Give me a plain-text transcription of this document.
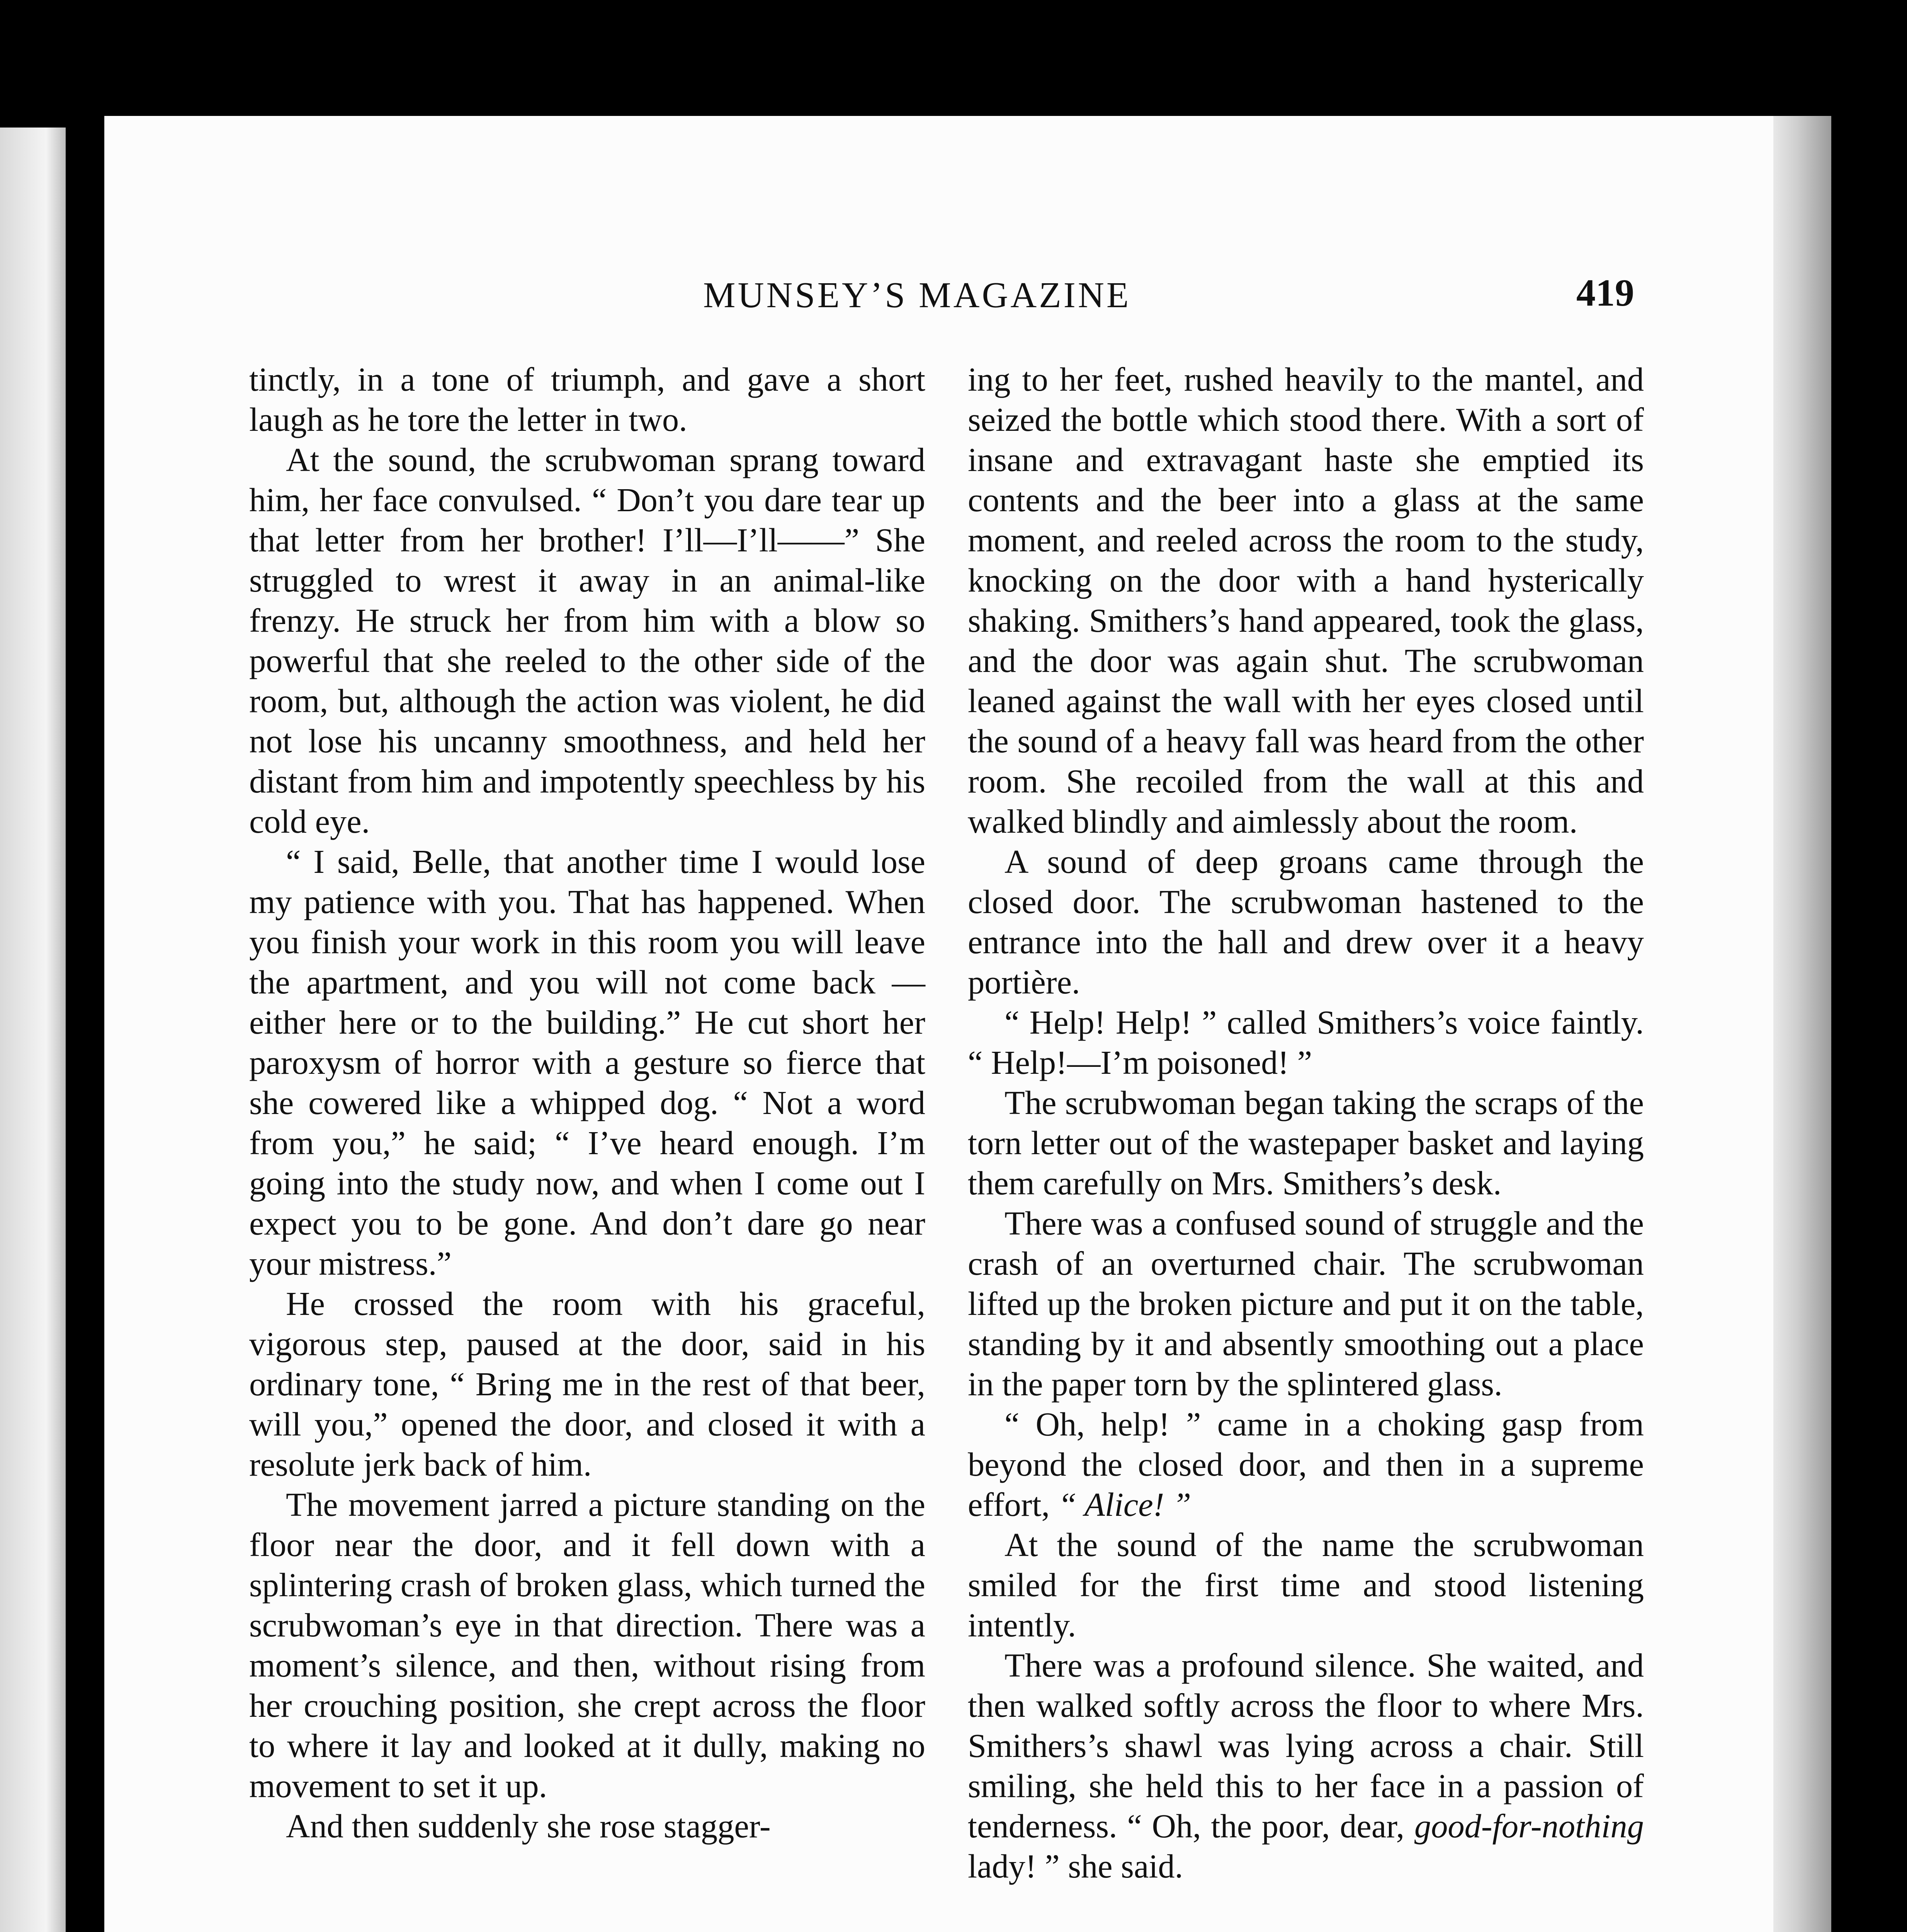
MUNSEY’S MAGAZINE	419

tinctly, in a tone of triumph, and gave a short laugh as he tore the letter in two.

At the sound, the scrubwoman sprang toward him, her face convulsed. “ Don’t you dare tear up that letter from her brother! I’ll—I’ll——” She struggled to wrest it away in an animal-like frenzy. He struck her from him with a blow so powerful that she reeled to the other side of the room, but, although the action was violent, he did not lose his uncanny smoothness, and held her distant from him and impotently speechless by his cold eye.

“ I said, Belle, that another time I would lose my patience with you. That has happened. When you finish your work in this room you will leave the apartment, and you will not come back —either here or to the building.” He cut short her paroxysm of horror with a gesture so fierce that she cowered like a whipped dog. “ Not a word from you,” he said; “ I’ve heard enough. I’m going into the study now, and when I come out I expect you to be gone. And don’t dare go near your mistress.”

He crossed the room with his graceful, vigorous step, paused at the door, said in his ordinary tone, “ Bring me in the rest of that beer, will you,” opened the door, and closed it with a resolute jerk back of him.

The movement jarred a picture standing on the floor near the door, and it fell down with a splintering crash of broken glass, which turned the scrubwoman’s eye in that direction. There was a moment’s silence, and then, without rising from her crouching position, she crept across the floor to where it lay and looked at it dully, making no movement to set it up.

And then suddenly she rose stagger-

ing to her feet, rushed heavily to the mantel, and seized the bottle which stood there. With a sort of insane and extravagant haste she emptied its contents and the beer into a glass at the same moment, and reeled across the room to the study, knocking on the door with a hand hysterically shaking. Smithers’s hand appeared, took the glass, and the door was again shut. The scrubwoman leaned against the wall with her eyes closed until the sound of a heavy fall was heard from the other room. She recoiled from the wall at this and walked blindly and aimlessly about the room.

A sound of deep groans came through the closed door. The scrubwoman hastened to the entrance into the hall and drew over it a heavy portière.

“ Help! Help! ” called Smithers’s voice faintly. “ Help!—I’m poisoned! ”

The scrubwoman began taking the scraps of the torn letter out of the wastepaper basket and laying them carefully on Mrs. Smithers’s desk.

There was a confused sound of struggle and the crash of an overturned chair. The scrubwoman lifted up the broken picture and put it on the table, standing by it and absently smoothing out a place in the paper torn by the splintered glass.

“ Oh, help! ” came in a choking gasp from beyond the closed door, and then in a supreme effort, “ Alice! ”

At the sound of the name the scrubwoman smiled for the first time and stood listening intently.

There was a profound silence. She waited, and then walked softly across the floor to where Mrs. Smithers’s shawl was lying across a chair. Still smiling, she held this to her face in a passion of tenderness. “ Oh, the poor, dear, good-for-nothing lady! ” she said.
